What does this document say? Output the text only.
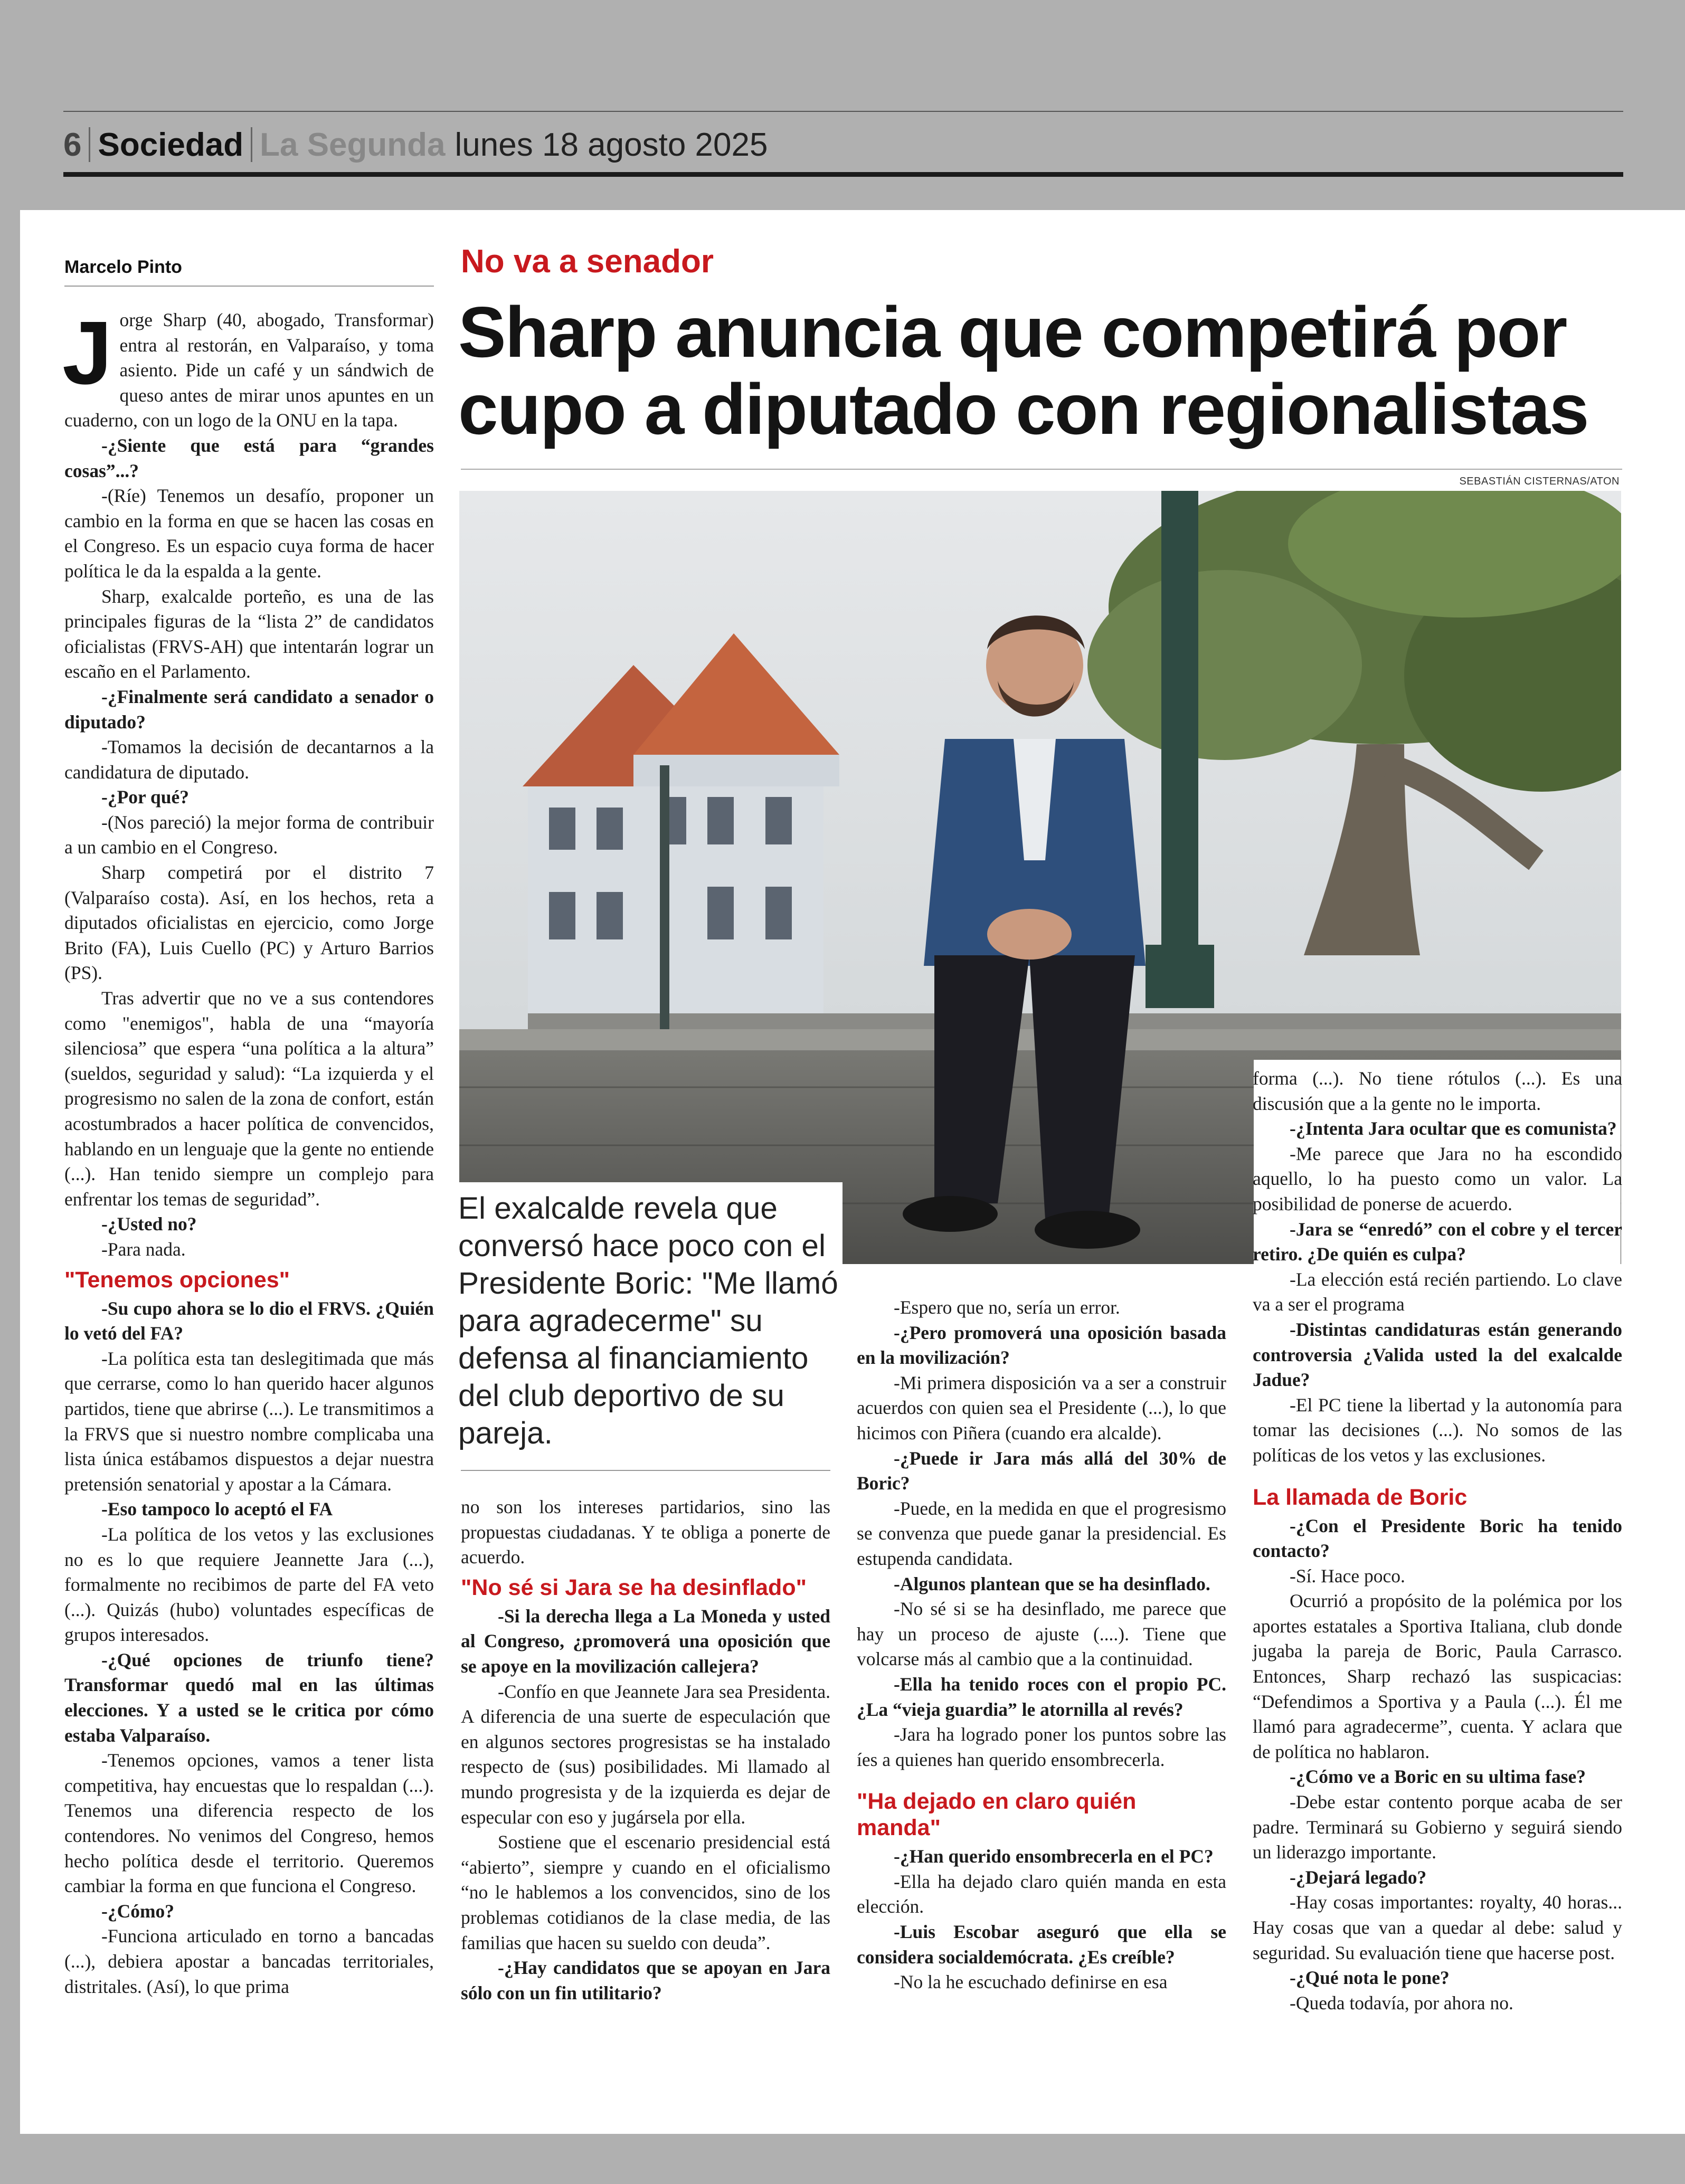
6 Sociedad La Segunda lunes 18 agosto 2025
Marcelo Pinto	No va a senador
Sharp anuncia que competirá por cupo a diputado con regionalistas
SEBASTIÁN CISTERNAS/ATON
El exalcalde revela que conversó hace poco con el Presidente Boric: "Me llamó para agradecerme" su defensa al financiamiento del club deportivo de su pareja.
J orge Sharp (40, abogado, Transformar) entra al restorán, en Valparaíso, y toma asiento. Pide un café y un sándwich de queso antes de mirar unos apuntes en un cuaderno, con un logo de la ONU en la tapa.

-¿Siente que está para “grandes cosas”...?

-(Ríe) Tenemos un desafío, proponer un cambio en la forma en que se hacen las cosas en el Congreso. Es un espacio cuya forma de hacer política le da la espalda a la gente.

Sharp, exalcalde porteño, es una de las principales figuras de la “lista 2” de candidatos oficialistas (FRVS-AH) que intentarán lograr un escaño en el Parlamento.

-¿Finalmente será candidato a senador o diputado?

-Tomamos la decisión de decantarnos a la candidatura de diputado.

-¿Por qué?

-(Nos pareció) la mejor forma de contribuir a un cambio en el Congreso.

Sharp competirá por el distrito 7 (Valparaíso costa). Así, en los hechos, reta a diputados oficialistas en ejercicio, como Jorge Brito (FA), Luis Cuello (PC) y Arturo Barrios (PS).

Tras advertir que no ve a sus contendores como "enemigos", habla de una “mayoría silenciosa” que espera “una política a la altura” (sueldos, seguridad y salud): “La izquierda y el progresismo no salen de la zona de confort, están acostumbrados a hacer política de convencidos, hablando en un lenguaje que la gente no entiende (...). Han tenido siempre un complejo para enfrentar los temas de seguridad”.

-¿Usted no?

-Para nada.

"Tenemos opciones"

-Su cupo ahora se lo dio el FRVS. ¿Quién lo vetó del FA?

-La política esta tan deslegitimada que más que cerrarse, como lo han querido hacer algunos partidos, tiene que abrirse (...). Le transmitimos a la FRVS que si nuestro nombre complicaba una lista única estábamos dispuestos a dejar nuestra pretensión senatorial y apostar a la Cámara.

-Eso tampoco lo aceptó el FA

-La política de los vetos y las exclusiones no es lo que requiere Jeannette Jara (...), formalmente no recibimos de parte del FA veto (...). Quizás (hubo) voluntades específicas de grupos interesados.

-¿Qué opciones de triunfo tiene? Transformar quedó mal en las últimas elecciones. Y a usted se le critica por cómo estaba Valparaíso.

-Tenemos opciones, vamos a tener lista competitiva, hay encuestas que lo respaldan (...). Tenemos una diferencia respecto de los contendores. No venimos del Congreso, hemos hecho política desde el territorio. Queremos cambiar la forma en que funciona el Congreso.

-¿Cómo?

-Funciona articulado en torno a bancadas (...), debiera apostar a bancadas territoriales, distritales. (Así), lo que prima

no son los intereses partidarios, sino las propuestas ciudadanas. Y te obliga a ponerte de acuerdo.

"No sé si Jara se ha desinflado"

-Si la derecha llega a La Moneda y usted al Congreso, ¿promoverá una oposición que se apoye en la movilización callejera?

-Confío en que Jeannete Jara sea Presidenta. A diferencia de una suerte de especulación que en algunos sectores progresistas se ha instalado respecto de (sus) posibilidades. Mi llamado al mundo progresista y de la izquierda es dejar de especular con eso y jugársela por ella.

Sostiene que el escenario presidencial está “abierto”, siempre y cuando en el oficialismo “no le hablemos a los convencidos, sino de los problemas cotidianos de la clase media, de las familias que hacen su sueldo con deuda”.

-¿Hay candidatos que se apoyan en Jara sólo con un fin utilitario?

-Espero que no, sería un error.

-¿Pero promoverá una oposición basada en la movilización?

-Mi primera disposición va a ser a construir acuerdos con quien sea el Presidente (...), lo que hicimos con Piñera (cuando era alcalde).

-¿Puede ir Jara más allá del 30% de Boric?

-Puede, en la medida en que el progresismo se convenza que puede ganar la presidencial. Es estupenda candidata.

-Algunos plantean que se ha desinflado.

-No sé si se ha desinflado, me parece que hay un proceso de ajuste (....). Tiene que volcarse más al cambio que a la continuidad.

-Ella ha tenido roces con el propio PC. ¿La “vieja guardia” le atornilla al revés?

-Jara ha logrado poner los puntos sobre las íes a quienes han querido ensombrecerla.

"Ha dejado en claro quién manda"

-¿Han querido ensombrecerla en el PC?

-Ella ha dejado claro quién manda en esta elección.

-Luis Escobar aseguró que ella se considera socialdemócrata. ¿Es creíble?

-No la he escuchado definirse en esa

forma (...). No tiene rótulos (...). Es una discusión que a la gente no le importa.

-¿Intenta Jara ocultar que es comunista?

-Me parece que Jara no ha escondido aquello, lo ha puesto como un valor. La posibilidad de ponerse de acuerdo.

-Jara se “enredó” con el cobre y el tercer retiro. ¿De quién es culpa?

-La elección está recién partiendo. Lo clave va a ser el programa

-Distintas candidaturas están generando controversia ¿Valida usted la del exalcalde Jadue?

-El PC tiene la libertad y la autonomía para tomar las decisiones (...). No somos de las políticas de los vetos y las exclusiones.

La llamada de Boric

-¿Con el Presidente Boric ha tenido contacto?

-Sí. Hace poco.

Ocurrió a propósito de la polémica por los aportes estatales a Sportiva Italiana, club donde jugaba la pareja de Boric, Paula Carrasco. Entonces, Sharp rechazó las suspicacias: “Defendimos a Sportiva y a Paula (...). Él me llamó para agradecerme”, cuenta. Y aclara que de política no hablaron.

-¿Cómo ve a Boric en su ultima fase?

-Debe estar contento porque acaba de ser padre. Terminará su Gobierno y seguirá siendo un liderazgo importante.

-¿Dejará legado?

-Hay cosas importantes: royalty, 40 horas... Hay cosas que van a quedar al debe: salud y seguridad. Su evaluación tiene que hacerse post.

-¿Qué nota le pone?

-Queda todavía, por ahora no.
